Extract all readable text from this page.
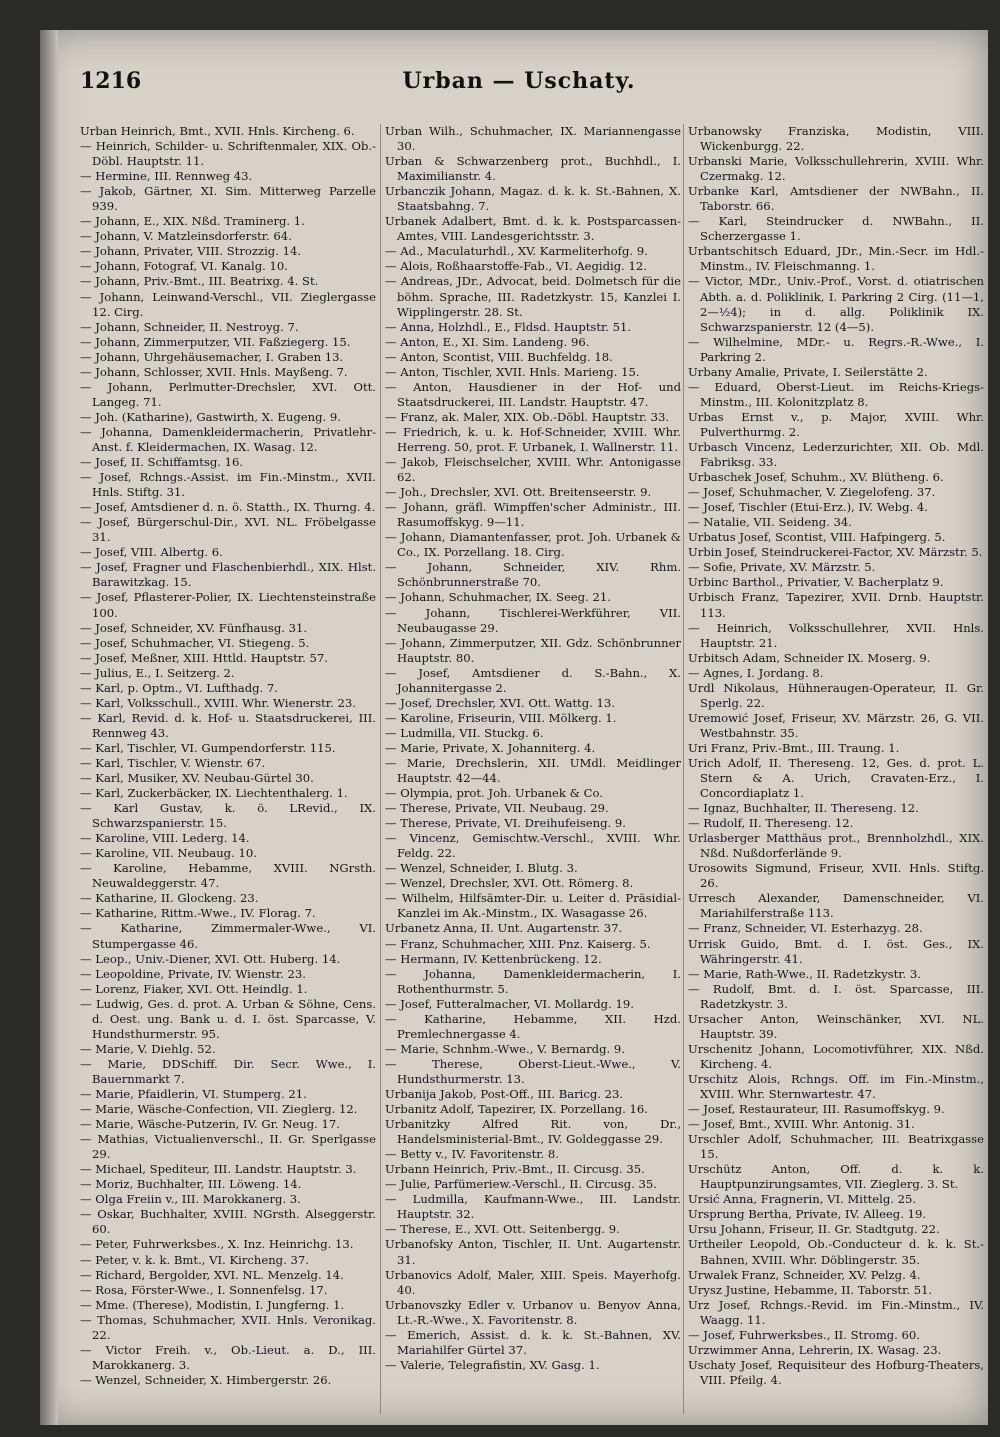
1216	Urban — Uschaty.
Urban Heinrich, Bmt., XVII. Hnls. Kircheng. 6.
— Heinrich, Schilder- u. Schriftenmaler, XIX. Ob.-Döbl. Hauptstr. 11.
— Hermine, III. Rennweg 43.
— Jakob, Gärtner, XI. Sim. Mitterweg Parzelle 939.
— Johann, E., XIX. Nßd. Traminerg. 1.
— Johann, V. Matzleinsdorferstr. 64.
— Johann, Privater, VIII. Strozzig. 14.
— Johann, Fotograf, VI. Kanalg. 10.
— Johann, Priv.-Bmt., III. Beatrixg. 4. St.
— Johann, Leinwand-Verschl., VII. Zieglergasse 12. Cirg.
— Johann, Schneider, II. Nestroyg. 7.
— Johann, Zimmerputzer, VII. Faßziegerg. 15.
— Johann, Uhrgehäusemacher, I. Graben 13.
— Johann, Schlosser, XVII. Hnls. Mayßeng. 7.
— Johann, Perlmutter-Drechsler, XVI. Ott. Langeg. 71.
— Joh. (Katharine), Gastwirth, X. Eugeng. 9.
— Johanna, Damenkleidermacherin, Privatlehr-Anst. f. Kleidermachen, IX. Wasag. 12.
— Josef, II. Schiffamtsg. 16.
— Josef, Rchngs.-Assist. im Fin.-Minstm., XVII. Hnls. Stiftg. 31.
— Josef, Amtsdiener d. n. ö. Statth., IX. Thurng. 4.
— Josef, Bürgerschul-Dir., XVI. NL. Fröbelgasse 31.
— Josef, VIII. Albertg. 6.
— Josef, Fragner und Flaschenbierhdl., XIX. Hlst. Barawitzkag. 15.
— Josef, Pflasterer-Polier, IX. Liechtensteinstraße 100.
— Josef, Schneider, XV. Fünfhausg. 31.
— Josef, Schuhmacher, VI. Stiegeng. 5.
— Josef, Meßner, XIII. Httld. Hauptstr. 57.
— Julius, E., I. Seitzerg. 2.
— Karl, p. Optm., VI. Lufthadg. 7.
— Karl, Volksschull., XVIII. Whr. Wienerstr. 23.
— Karl, Revid. d. k. Hof- u. Staatsdruckerei, III. Rennweg 43.
— Karl, Tischler, VI. Gumpendorferstr. 115.
— Karl, Tischler, V. Wienstr. 67.
— Karl, Musiker, XV. Neubau-Gürtel 30.
— Karl, Zuckerbäcker, IX. Liechtenthalerg. 1.
— Karl Gustav, k. ö. LRevid., IX. Schwarzspanierstr. 15.
— Karoline, VIII. Lederg. 14.
— Karoline, VII. Neubaug. 10.
— Karoline, Hebamme, XVIII. NGrsth. Neuwaldeggerstr. 47.
— Katharine, II. Glockeng. 23.
— Katharine, Rittm.-Wwe., IV. Florag. 7.
— Katharine, Zimmermaler-Wwe., VI. Stumpergasse 46.
— Leop., Univ.-Diener, XVI. Ott. Huberg. 14.
— Leopoldine, Private, IV. Wienstr. 23.
— Lorenz, Fiaker, XVI. Ott. Heindlg. 1.
— Ludwig, Ges. d. prot. A. Urban & Söhne, Cens. d. Oest. ung. Bank u. d. I. öst. Sparcasse, V. Hundsthurmerstr. 95.
— Marie, V. Diehlg. 52.
— Marie, DDSchiff. Dir. Secr. Wwe., I. Bauernmarkt 7.
— Marie, Pfaidlerin, VI. Stumperg. 21.
— Marie, Wäsche-Confection, VII. Zieglerg. 12.
— Marie, Wäsche-Putzerin, IV. Gr. Neug. 17.
— Mathias, Victualienverschl., II. Gr. Sperlgasse 29.
— Michael, Spediteur, III. Landstr. Hauptstr. 3.
— Moriz, Buchhalter, III. Löweng. 14.
— Olga Freiin v., III. Marokkanerg. 3.
— Oskar, Buchhalter, XVIII. NGrsth. Alseggerstr. 60.
— Peter, Fuhrwerksbes., X. Inz. Heinrichg. 13.
— Peter, v. k. k. Bmt., VI. Kircheng. 37.
— Richard, Bergolder, XVI. NL. Menzelg. 14.
— Rosa, Förster-Wwe., I. Sonnenfelsg. 17.
— Mme. (Therese), Modistin, I. Jungferng. 1.
— Thomas, Schuhmacher, XVII. Hnls. Veronikag. 22.
— Victor Freih. v., Ob.-Lieut. a. D., III. Marokkanerg. 3.
— Wenzel, Schneider, X. Himbergerstr. 26.
Urban Wilh., Schuhmacher, IX. Mariannengasse 30.
Urban & Schwarzenberg prot., Buchhdl., I. Maximilianstr. 4.
Urbanczik Johann, Magaz. d. k. k. St.-Bahnen, X. Staatsbahng. 7.
Urbanek Adalbert, Bmt. d. k. k. Postsparcassen-Amtes, VIII. Landesgerichtsstr. 3.
— Ad., Maculaturhdl., XV. Karmeliterhofg. 9.
— Alois, Roßhaarstoffe-Fab., VI. Aegidig. 12.
— Andreas, JDr., Advocat, beid. Dolmetsch für die böhm. Sprache, III. Radetzkystr. 15, Kanzlei I. Wipplingerstr. 28. St.
— Anna, Holzhdl., E., Fldsd. Hauptstr. 51.
— Anton, E., XI. Sim. Landeng. 96.
— Anton, Scontist, VIII. Buchfeldg. 18.
— Anton, Tischler, XVII. Hnls. Marieng. 15.
— Anton, Hausdiener in der Hof- und Staatsdruckerei, III. Landstr. Hauptstr. 47.
— Franz, ak. Maler, XIX. Ob.-Döbl. Hauptstr. 33.
— Friedrich, k. u. k. Hof-Schneider, XVIII. Whr. Herreng. 50, prot. F. Urbanek, I. Wallnerstr. 11.
— Jakob, Fleischselcher, XVIII. Whr. Antonigasse 62.
— Joh., Drechsler, XVI. Ott. Breitenseerstr. 9.
— Johann, gräfl. Wimpffen'scher Administr., III. Rasumoffskyg. 9—11.
— Johann, Diamantenfasser, prot. Joh. Urbanek & Co., IX. Porzellang. 18. Cirg.
— Johann, Schneider, XIV. Rhm. Schönbrunnerstraße 70.
— Johann, Schuhmacher, IX. Seeg. 21.
— Johann, Tischlerei-Werkführer, VII. Neubaugasse 29.
— Johann, Zimmerputzer, XII. Gdz. Schönbrunner Hauptstr. 80.
— Josef, Amtsdiener d. S.-Bahn., X. Johannitergasse 2.
— Josef, Drechsler, XVI. Ott. Wattg. 13.
— Karoline, Friseurin, VIII. Mölkerg. 1.
— Ludmilla, VII. Stuckg. 6.
— Marie, Private, X. Johanniterg. 4.
— Marie, Drechslerin, XII. UMdl. Meidlinger Hauptstr. 42—44.
— Olympia, prot. Joh. Urbanek & Co.
— Therese, Private, VII. Neubaug. 29.
— Therese, Private, VI. Dreihufeiseng. 9.
— Vincenz, Gemischtw.-Verschl., XVIII. Whr. Feldg. 22.
— Wenzel, Schneider, I. Blutg. 3.
— Wenzel, Drechsler, XVI. Ott. Römerg. 8.
— Wilhelm, Hilfsämter-Dir. u. Leiter d. Präsidial-Kanzlei im Ak.-Minstm., IX. Wasagasse 26.
Urbanetz Anna, II. Unt. Augartenstr. 37.
— Franz, Schuhmacher, XIII. Pnz. Kaiserg. 5.
— Hermann, IV. Kettenbrückeng. 12.
— Johanna, Damenkleidermacherin, I. Rothenthurmstr. 5.
— Josef, Futteralmacher, VI. Mollardg. 19.
— Katharine, Hebamme, XII. Hzd. Premlechnergasse 4.
— Marie, Schnhm.-Wwe., V. Bernardg. 9.
— Therese, Oberst-Lieut.-Wwe., V. Hundsthurmerstr. 13.
Urbanija Jakob, Post-Off., III. Baricg. 23.
Urbanitz Adolf, Tapezirer, IX. Porzellang. 16.
Urbanitzky Alfred Rit. von, Dr., Handelsministerial-Bmt., IV. Goldeggasse 29.
— Betty v., IV. Favoritenstr. 8.
Urbann Heinrich, Priv.-Bmt., II. Circusg. 35.
— Julie, Parfümeriew.-Verschl., II. Circusg. 35.
— Ludmilla, Kaufmann-Wwe., III. Landstr. Hauptstr. 32.
— Therese, E., XVI. Ott. Seitenbergg. 9.
Urbanofsky Anton, Tischler, II. Unt. Augartenstr. 31.
Urbanovics Adolf, Maler, XIII. Speis. Mayerhofg. 40.
Urbanovszky Edler v. Urbanov u. Benyov Anna, Lt.-R.-Wwe., X. Favoritenstr. 8.
— Emerich, Assist. d. k. k. St.-Bahnen, XV. Mariahilfer Gürtel 37.
— Valerie, Telegrafistin, XV. Gasg. 1.
Urbanowsky Franziska, Modistin, VIII. Wickenburgg. 22.
Urbanski Marie, Volksschullehrerin, XVIII. Whr. Czermakg. 12.
Urbanke Karl, Amtsdiener der NWBahn., II. Taborstr. 66.
— Karl, Steindrucker d. NWBahn., II. Scherzergasse 1.
Urbantschitsch Eduard, JDr., Min.-Secr. im Hdl.-Minstm., IV. Fleischmanng. 1.
— Victor, MDr., Univ.-Prof., Vorst. d. otiatrischen Abth. a. d. Poliklinik, I. Parkring 2 Cirg. (11—1, 2—½4); in d. allg. Poliklinik IX. Schwarzspanierstr. 12 (4—5).
— Wilhelmine, MDr.- u. Regrs.-R.-Wwe., I. Parkring 2.
Urbany Amalie, Private, I. Seilerstätte 2.
— Eduard, Oberst-Lieut. im Reichs-Kriegs-Minstm., III. Kolonitzplatz 8.
Urbas Ernst v., p. Major, XVIII. Whr. Pulverthurmg. 2.
Urbasch Vincenz, Lederzurichter, XII. Ob. Mdl. Fabriksg. 33.
Urbaschek Josef, Schuhm., XV. Blütheng. 6.
— Josef, Schuhmacher, V. Ziegelofeng. 37.
— Josef, Tischler (Etui-Erz.), IV. Webg. 4.
— Natalie, VII. Seideng. 34.
Urbatus Josef, Scontist, VIII. Hafpingerg. 5.
Urbin Josef, Steindruckerei-Factor, XV. Märzstr. 5.
— Sofie, Private, XV. Märzstr. 5.
Urbinc Barthol., Privatier, V. Bacherplatz 9.
Urbisch Franz, Tapezirer, XVII. Drnb. Hauptstr. 113.
— Heinrich, Volksschullehrer, XVII. Hnls. Hauptstr. 21.
Urbitsch Adam, Schneider IX. Moserg. 9.
— Agnes, I. Jordang. 8.
Urdl Nikolaus, Hühneraugen-Operateur, II. Gr. Sperlg. 22.
Uremowić Josef, Friseur, XV. Märzstr. 26, G. VII. Westbahnstr. 35.
Uri Franz, Priv.-Bmt., III. Traung. 1.
Urich Adolf, II. Thereseng. 12, Ges. d. prot. L. Stern & A. Urich, Cravaten-Erz., I. Concordiaplatz 1.
— Ignaz, Buchhalter, II. Thereseng. 12.
— Rudolf, II. Thereseng. 12.
Urlasberger Matthäus prot., Brennholzhdl., XIX. Nßd. Nußdorferlände 9.
Urosowits Sigmund, Friseur, XVII. Hnls. Stiftg. 26.
Urresch Alexander, Damenschneider, VI. Mariahilferstraße 113.
— Franz, Schneider, VI. Esterhazyg. 28.
Urrisk Guido, Bmt. d. I. öst. Ges., IX. Währingerstr. 41.
— Marie, Rath-Wwe., II. Radetzkystr. 3.
— Rudolf, Bmt. d. I. öst. Sparcasse, III. Radetzkystr. 3.
Ursacher Anton, Weinschänker, XVI. NL. Hauptstr. 39.
Urschenitz Johann, Locomotivführer, XIX. Nßd. Kircheng. 4.
Urschitz Alois, Rchngs. Off. im Fin.-Minstm., XVIII. Whr. Sternwartestr. 47.
— Josef, Restaurateur, III. Rasumoffskyg. 9.
— Josef, Bmt., XVIII. Whr. Antonig. 31.
Urschler Adolf, Schuhmacher, III. Beatrixgasse 15.
Urschütz Anton, Off. d. k. k. Hauptpunzirungsamtes, VII. Zieglerg. 3. St.
Ursić Anna, Fragnerin, VI. Mittelg. 25.
Ursprung Bertha, Private, IV. Alleeg. 19.
Ursu Johann, Friseur, II. Gr. Stadtgutg. 22.
Urtheiler Leopold, Ob.-Conducteur d. k. k. St.-Bahnen, XVIII. Whr. Döblingerstr. 35.
Urwalek Franz, Schneider, XV. Pelzg. 4.
Urysz Justine, Hebamme, II. Taborstr. 51.
Urz Josef, Rchngs.-Revid. im Fin.-Minstm., IV. Waagg. 11.
— Josef, Fuhrwerksbes., II. Stromg. 60.
Urzwimmer Anna, Lehrerin, IX. Wasag. 23.
Uschaty Josef, Requisiteur des Hofburg-Theaters, VIII. Pfeilg. 4.
